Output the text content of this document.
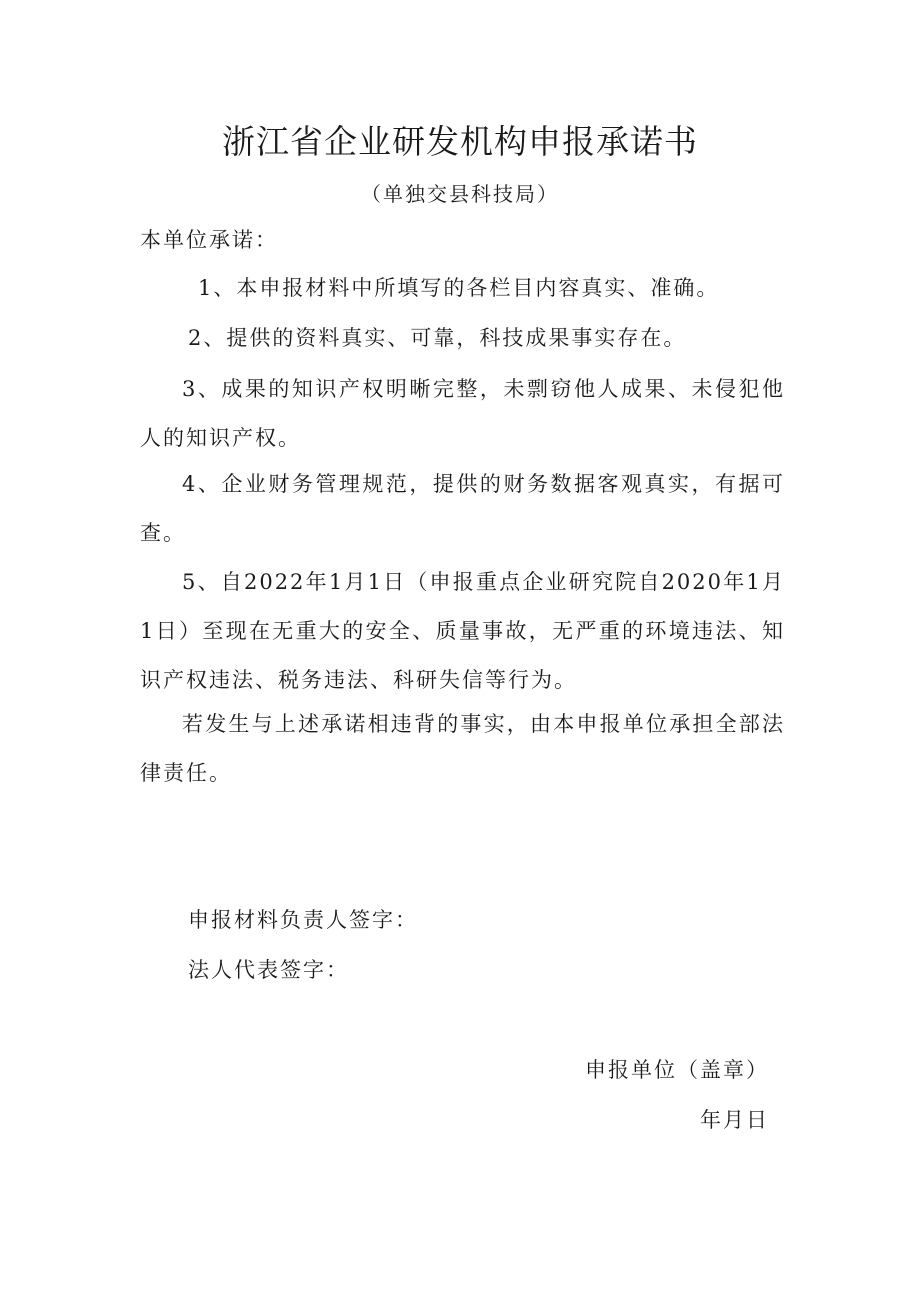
浙江省企业研发机构申报承诺书

（单独交县科技局）

本单位承诺：

1、本申报材料中所填写的各栏目内容真实、准确。

2、提供的资料真实、可靠，科技成果事实存在。

3、成果的知识产权明晰完整，未剽窃他人成果、未侵犯他人的知识产权。

4、企业财务管理规范，提供的财务数据客观真实，有据可查。

5、自2022年1月1日（申报重点企业研究院自2020年1月1日）至现在无重大的安全、质量事故，无严重的环境违法、知识产权违法、税务违法、科研失信等行为。

若发生与上述承诺相违背的事实，由本申报单位承担全部法律责任。

申报材料负责人签字：

法人代表签字：

申报单位（盖章）

年月日
